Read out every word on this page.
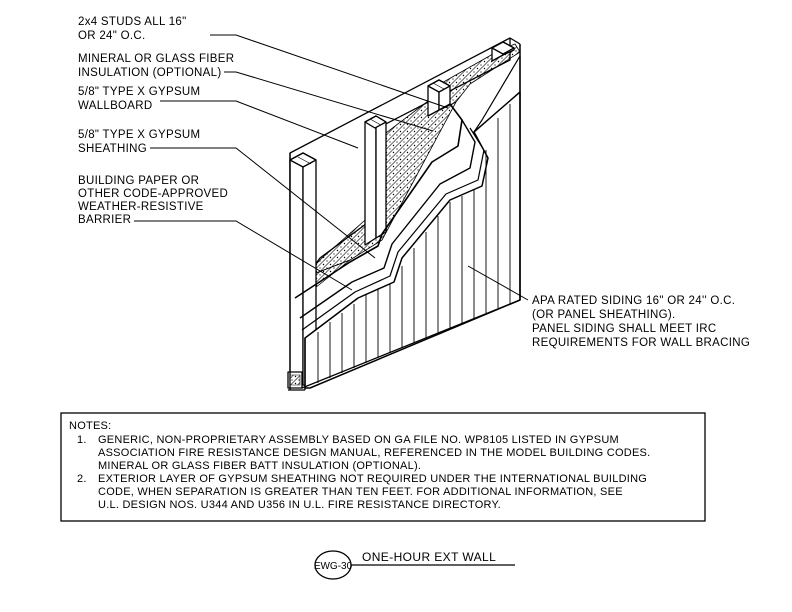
2x4 STUDS ALL 16" OR 24" O.C.
MINERAL OR GLASS FIBER INSULATION (OPTIONAL)
5/8" TYPE X GYPSUM WALLBOARD
5/8" TYPE X GYPSUM SHEATHING
BUILDING PAPER OR OTHER CODE-APPROVED WEATHER-RESISTIVE BARRIER
APA RATED SIDING 16" OR 24'' O.C. (OR PANEL SHEATHING). PANEL SIDING SHALL MEET IRC REQUIREMENTS FOR WALL BRACING
NOTES:
1. GENERIC, NON-PROPRIETARY ASSEMBLY BASED ON GA FILE NO. WP8105 LISTED IN GYPSUM ASSOCIATION FIRE RESISTANCE DESIGN MANUAL, REFERENCED IN THE MODEL BUILDING CODES. MINERAL OR GLASS FIBER BATT INSULATION (OPTIONAL).
2. EXTERIOR LAYER OF GYPSUM SHEATHING NOT REQUIRED UNDER THE INTERNATIONAL BUILDING CODE, WHEN SEPARATION IS GREATER THAN TEN FEET. FOR ADDITIONAL INFORMATION, SEE U.L. DESIGN NOS. U344 AND U356 IN U.L. FIRE RESISTANCE DIRECTORY.
EWG-30
ONE-HOUR EXT WALL
